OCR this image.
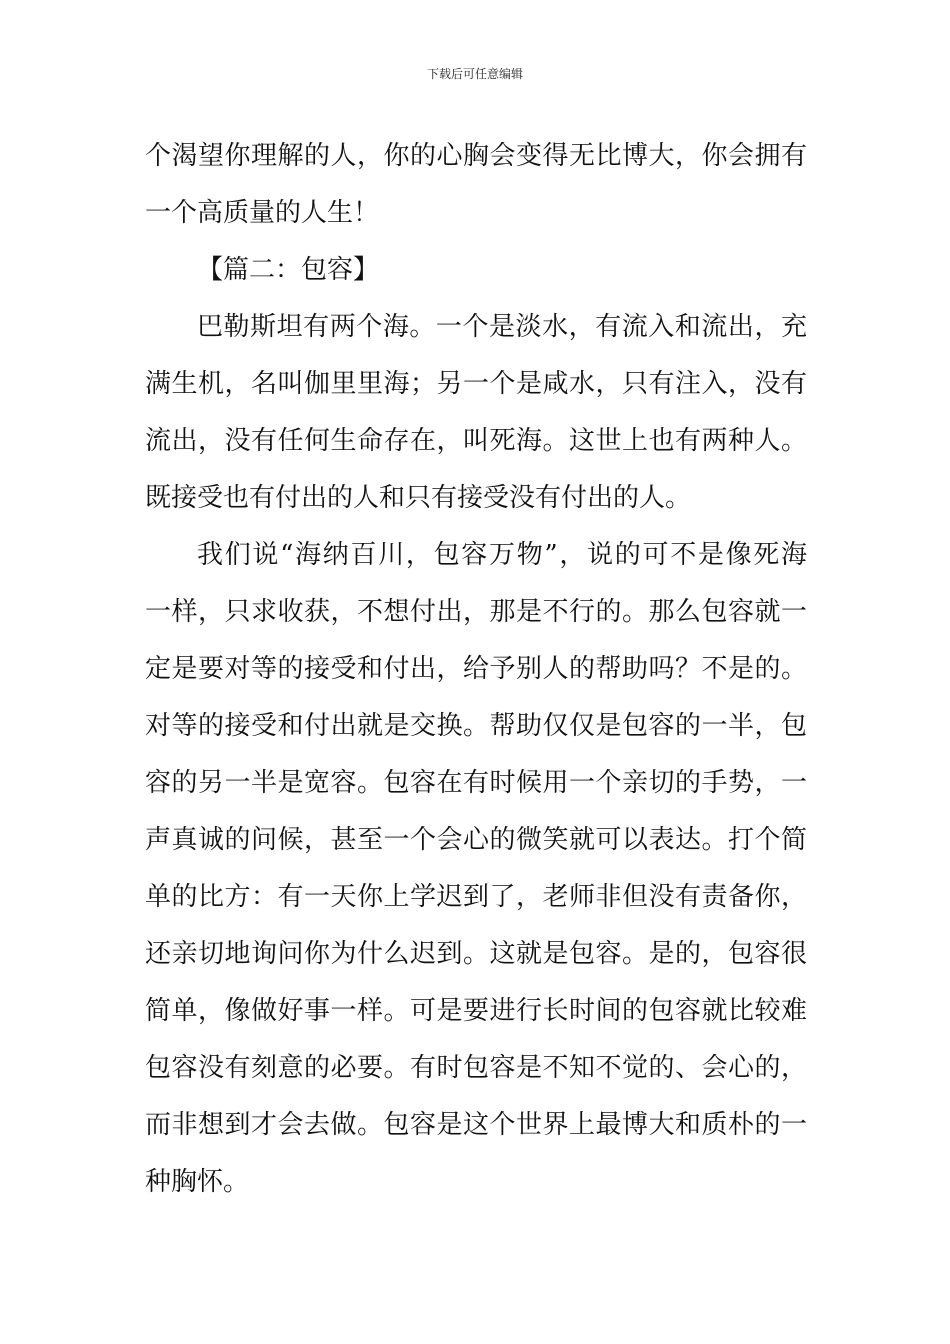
下载后可任意编辑
个渴望你理解的人，你的心胸会变得无比博大，你会拥有
一个高质量的人生！
【篇二：包容】
巴勒斯坦有两个海。一个是淡水，有流入和流出，充
满生机，名叫伽里里海；另一个是咸水，只有注入，没有
流出，没有任何生命存在，叫死海。这世上也有两种人。
既接受也有付出的人和只有接受没有付出的人。
我们说“海纳百川，包容万物”，说的可不是像死海
一样，只求收获，不想付出，那是不行的。那么包容就一
定是要对等的接受和付出，给予别人的帮助吗？不是的。
对等的接受和付出就是交换。帮助仅仅是包容的一半，包
容的另一半是宽容。包容在有时候用一个亲切的手势，一
声真诚的问候，甚至一个会心的微笑就可以表达。打个简
单的比方：有一天你上学迟到了，老师非但没有责备你，
还亲切地询问你为什么迟到。这就是包容。是的，包容很
简单，像做好事一样。可是要进行长时间的包容就比较难
包容没有刻意的必要。有时包容是不知不觉的、会心的，
而非想到才会去做。包容是这个世界上最博大和质朴的一
种胸怀。
